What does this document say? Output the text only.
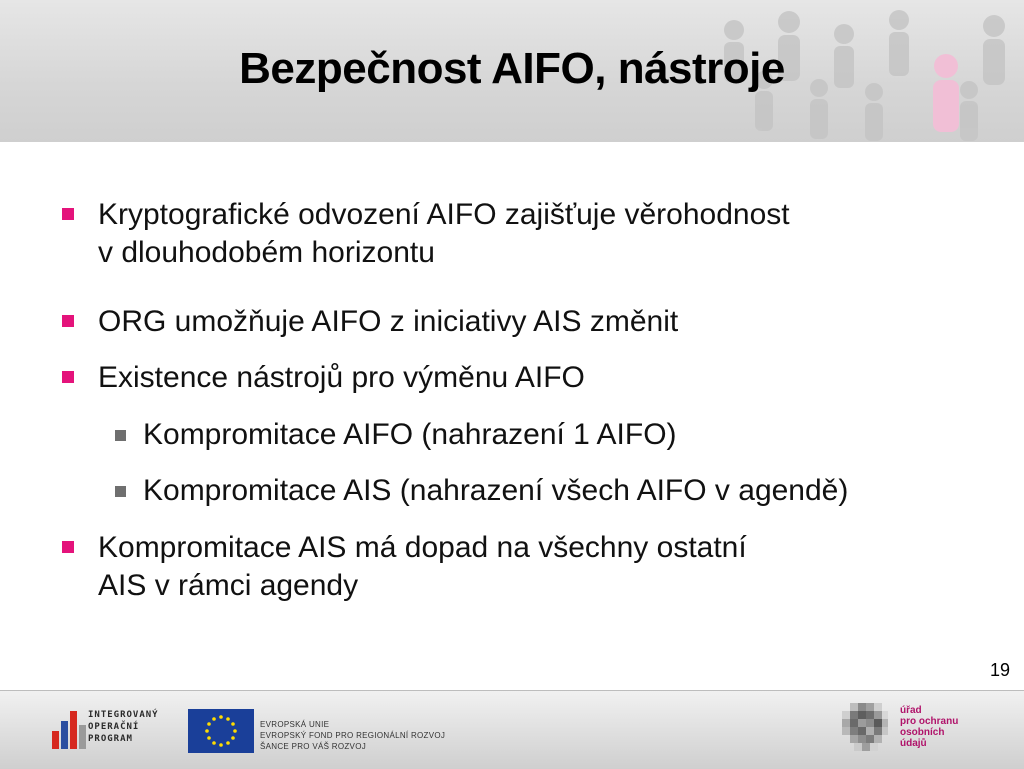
Bezpečnost AIFO, nástroje
Kryptografické odvození AIFO zajišťuje věrohodnost
v dlouhodobém horizontu
ORG umožňuje AIFO z iniciativy AIS změnit
Existence nástrojů pro výměnu AIFO
Kompromitace AIFO (nahrazení 1 AIFO)
Kompromitace AIS (nahrazení všech AIFO v agendě)
Kompromitace AIS má dopad na všechny ostatní
AIS v rámci agendy
19
INTEGROVANÝ
OPERAČNÍ
PROGRAM
EVROPSKÁ UNIE
EVROPSKÝ FOND PRO REGIONÁLNÍ ROZVOJ
ŠANCE PRO VÁŠ ROZVOJ
úřad
pro ochranu
osobních
údajů
